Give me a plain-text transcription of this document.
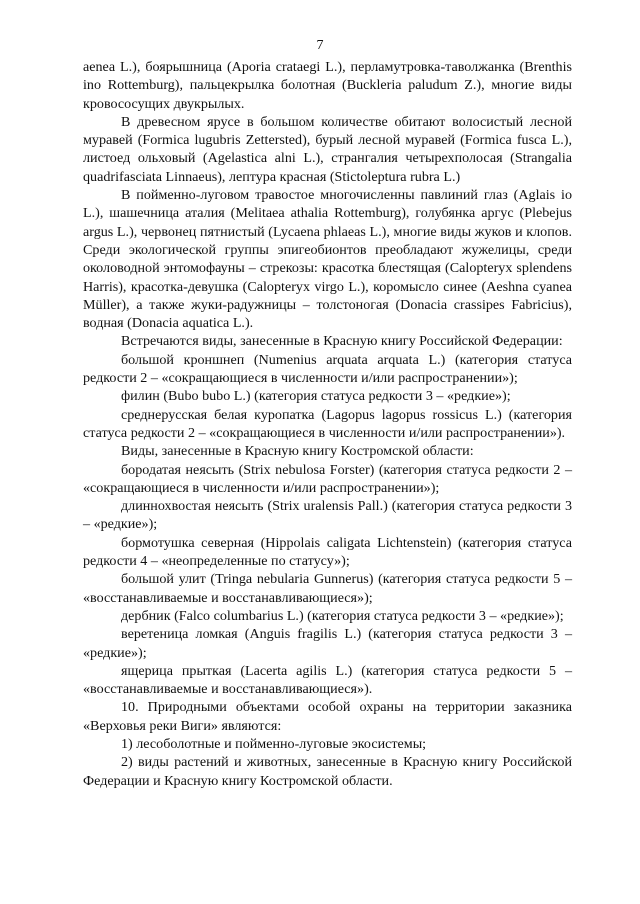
7

aenea L.), боярышница (Aporia crataegi L.), перламутровка-таволжанка (Brenthis ino Rottemburg), пальцекрылка болотная (Buckleria paludum Z.), многие виды кровососущих двукрылых.

В древесном ярусе в большом количестве обитают волосистый лесной муравей (Formica lugubris Zettersted), бурый лесной муравей (Formica fusca L.), листоед ольховый (Agelastica alni L.), странгалия четырехполосая (Strangalia quadrifasciata Linnaeus), лептура красная (Stictoleptura rubra L.)

В пойменно-луговом травостое многочисленны павлиний глаз (Aglais io L.), шашечница аталия (Melitaea athalia Rottemburg), голубянка аргус (Plebejus argus L.), червонец пятнистый (Lycaena phlaeas L.), многие виды жуков и клопов. Среди экологической группы эпигеобионтов преобладают жужелицы, среди околоводной энтомофауны – стрекозы: красотка блестящая (Calopteryx splendens Harris), красотка-девушка (Calopteryx virgo L.), коромысло синее (Aeshna cyanea Müller), а также жуки-радужницы – толстоногая (Donacia crassipes Fabricius), водная (Donacia aquatica L.).

Встречаются виды, занесенные в Красную книгу Российской Федерации:

большой кроншнеп (Numenius arquata arquata L.) (категория статуса редкости 2 – «сокращающиеся в численности и/или распространении»);

филин (Bubo bubo L.) (категория статуса редкости 3 – «редкие»);

среднерусская белая куропатка (Lagopus lagopus rossicus L.) (категория статуса редкости 2 – «сокращающиеся в численности и/или распространении»).

Виды, занесенные в Красную книгу Костромской области:

бородатая неясыть (Strix nebulosa Forster) (категория статуса редкости 2 – «сокращающиеся в численности и/или распространении»);

длиннохвостая неясыть (Strix uralensis Pall.) (категория статуса редкости 3 – «редкие»);

бормотушка северная (Hippolais caligata Lichtenstein) (категория статуса редкости 4 – «неопределенные по статусу»);

большой улит (Tringa nebularia Gunnerus) (категория статуса редкости 5 – «восстанавливаемые и восстанавливающиеся»);

дербник (Falco columbarius L.) (категория статуса редкости 3 – «редкие»);

веретеница ломкая (Anguis fragilis L.) (категория статуса редкости 3 – «редкие»);

ящерица прыткая (Lacerta agilis L.) (категория статуса редкости 5 – «восстанавливаемые и восстанавливающиеся»).

10. Природными объектами особой охраны на территории заказника «Верховья реки Виги» являются:

1) лесоболотные и пойменно-луговые экосистемы;

2) виды растений и животных, занесенные в Красную книгу Российской Федерации и Красную книгу Костромской области.
